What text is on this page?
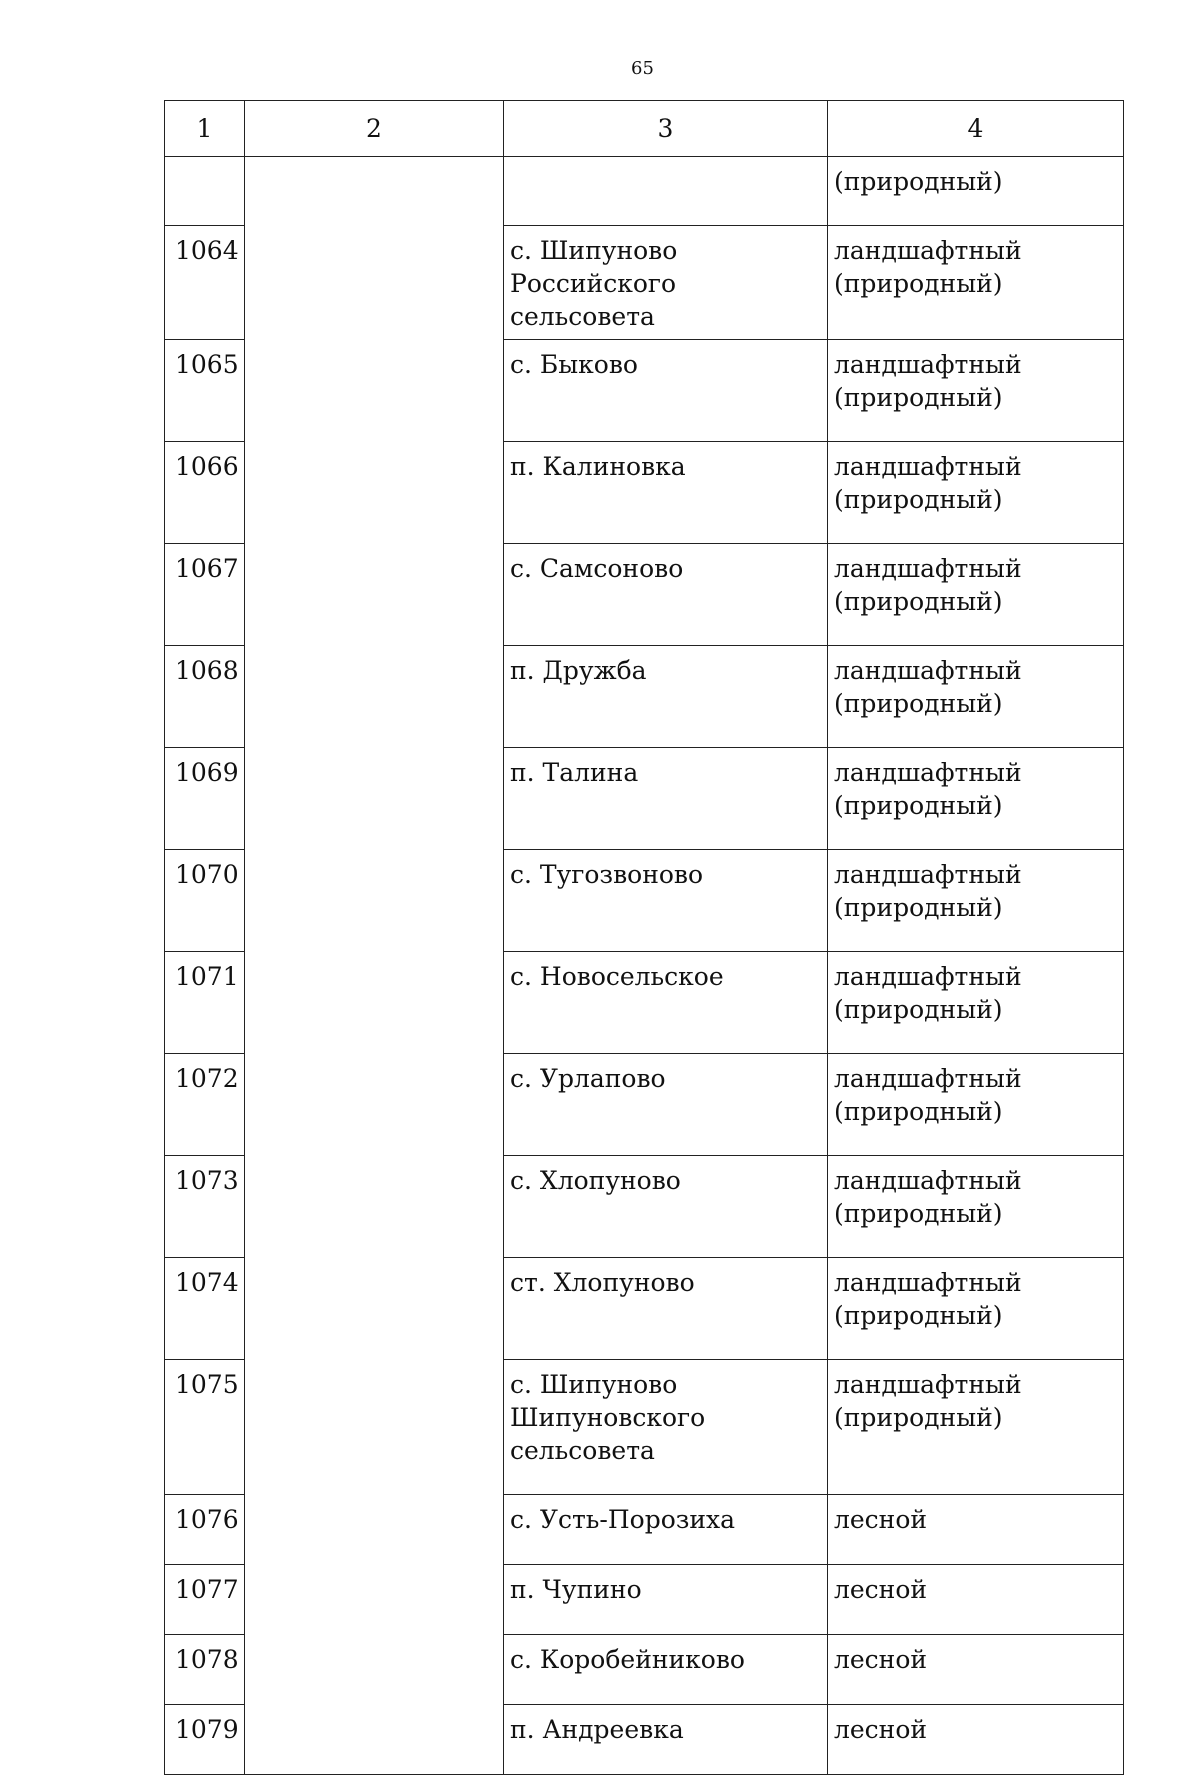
65
1	2	3	4
			(природный)
1064		с. Шипуново Российского сельсовета	ландшафтный (природный)
1065		с. Быково	ландшафтный (природный)
1066		п. Калиновка	ландшафтный (природный)
1067		с. Самсоново	ландшафтный (природный)
1068		п. Дружба	ландшафтный (природный)
1069		п. Талина	ландшафтный (природный)
1070		с. Тугозвоново	ландшафтный (природный)
1071		с. Новосельское	ландшафтный (природный)
1072		с. Урлапово	ландшафтный (природный)
1073		с. Хлопуново	ландшафтный (природный)
1074		ст. Хлопуново	ландшафтный (природный)
1075		с. Шипуново Шипуновского сельсовета	ландшафтный (природный)
1076		с. Усть-Порозиха	лесной
1077		п. Чупино	лесной
1078		с. Коробейниково	лесной
1079		п. Андреевка	лесной
